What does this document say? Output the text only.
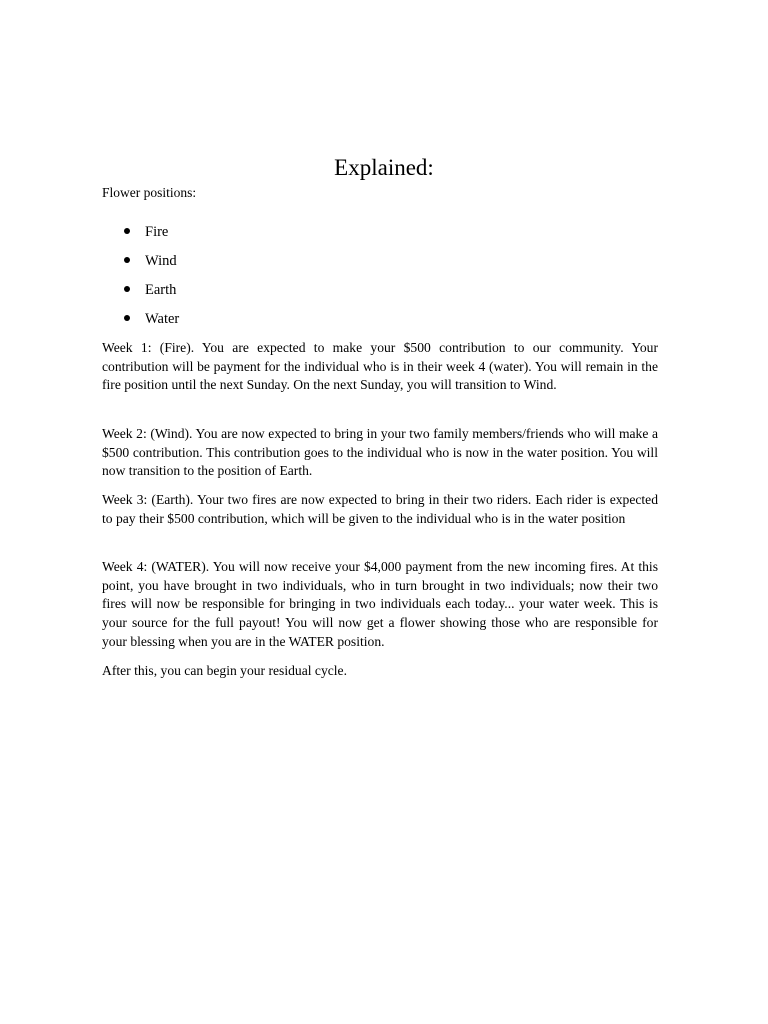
Explained:

Flower positions:

Fire
Wind
Earth
Water

Week 1: (Fire). You are expected to make your $500 contribution to our community. Your contribution will be payment for the individual who is in their week 4 (water). You will remain in the fire position until the next Sunday. On the next Sunday, you will transition to Wind.

Week 2: (Wind). You are now expected to bring in your two family members/friends who will make a $500 contribution. This contribution goes to the individual who is now in the water position. You will now transition to the position of Earth.

Week 3: (Earth). Your two fires are now expected to bring in their two riders. Each rider is expected to pay their $500 contribution, which will be given to the individual who is in the water position

Week 4: (WATER). You will now receive your $4,000 payment from the new incoming fires. At this point, you have brought in two individuals, who in turn brought in two individuals; now their two fires will now be responsible for bringing in two individuals each today... your water week. This is your source for the full payout! You will now get a flower showing those who are responsible for your blessing when you are in the WATER position.

After this, you can begin your residual cycle.
